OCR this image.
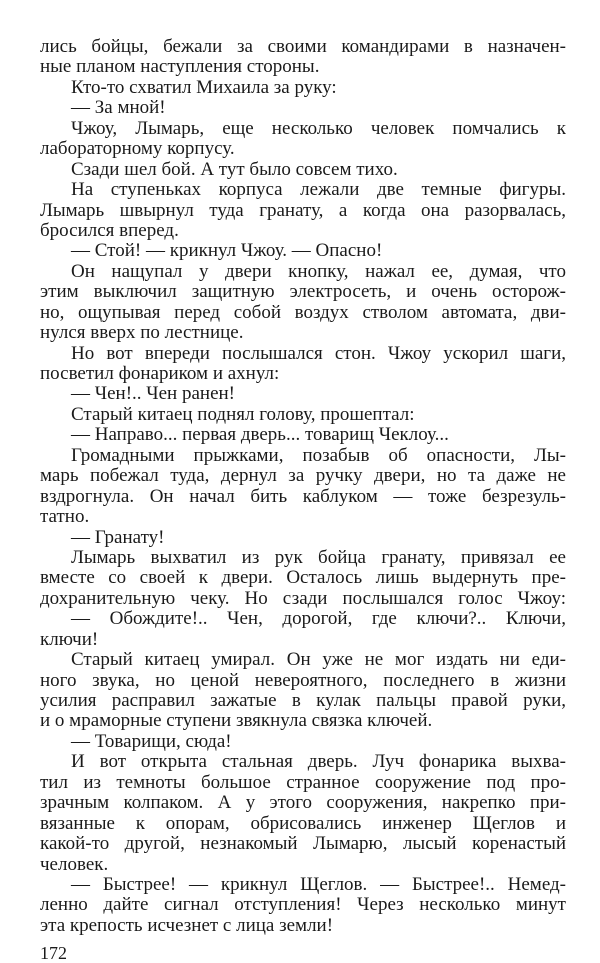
лись бойцы, бежали за своими командирами в назначен-
ные планом наступления стороны.
Кто-то схватил Михаила за руку:
— За мной!
Чжоу, Лымарь, еще несколько человек помчались к
лабораторному корпусу.
Сзади шел бой. А тут было совсем тихо.
На ступеньках корпуса лежали две темные фигуры.
Лымарь швырнул туда гранату, а когда она разорвалась,
бросился вперед.
— Стой! — крикнул Чжоу. — Опасно!
Он нащупал у двери кнопку, нажал ее, думая, что
этим выключил защитную электросеть, и очень осторож-
но, ощупывая перед собой воздух стволом автомата, дви-
нулся вверх по лестнице.
Но вот впереди послышался стон. Чжоу ускорил шаги,
посветил фонариком и ахнул:
— Чен!.. Чен ранен!
Старый китаец поднял голову, прошептал:
— Направо... первая дверь... товарищ Чеклоу...
Громадными прыжками, позабыв об опасности, Лы-
марь побежал туда, дернул за ручку двери, но та даже не
вздрогнула. Он начал бить каблуком — тоже безрезуль-
татно.
— Гранату!
Лымарь выхватил из рук бойца гранату, привязал ее
вместе со своей к двери. Осталось лишь выдернуть пре-
дохранительную чеку. Но сзади послышался голос Чжоу:
— Обождите!.. Чен, дорогой, где ключи?.. Ключи,
ключи!
Старый китаец умирал. Он уже не мог издать ни еди-
ного звука, но ценой невероятного, последнего в жизни
усилия расправил зажатые в кулак пальцы правой руки,
и о мраморные ступени звякнула связка ключей.
— Товарищи, сюда!
И вот открыта стальная дверь. Луч фонарика выхва-
тил из темноты большое странное сооружение под про-
зрачным колпаком. А у этого сооружения, накрепко при-
вязанные к опорам, обрисовались инженер Щеглов и
какой-то другой, незнакомый Лымарю, лысый коренастый
человек.
— Быстрее! — крикнул Щеглов. — Быстрее!.. Немед-
ленно дайте сигнал отступления! Через несколько минут
эта крепость исчезнет с лица земли!
172
